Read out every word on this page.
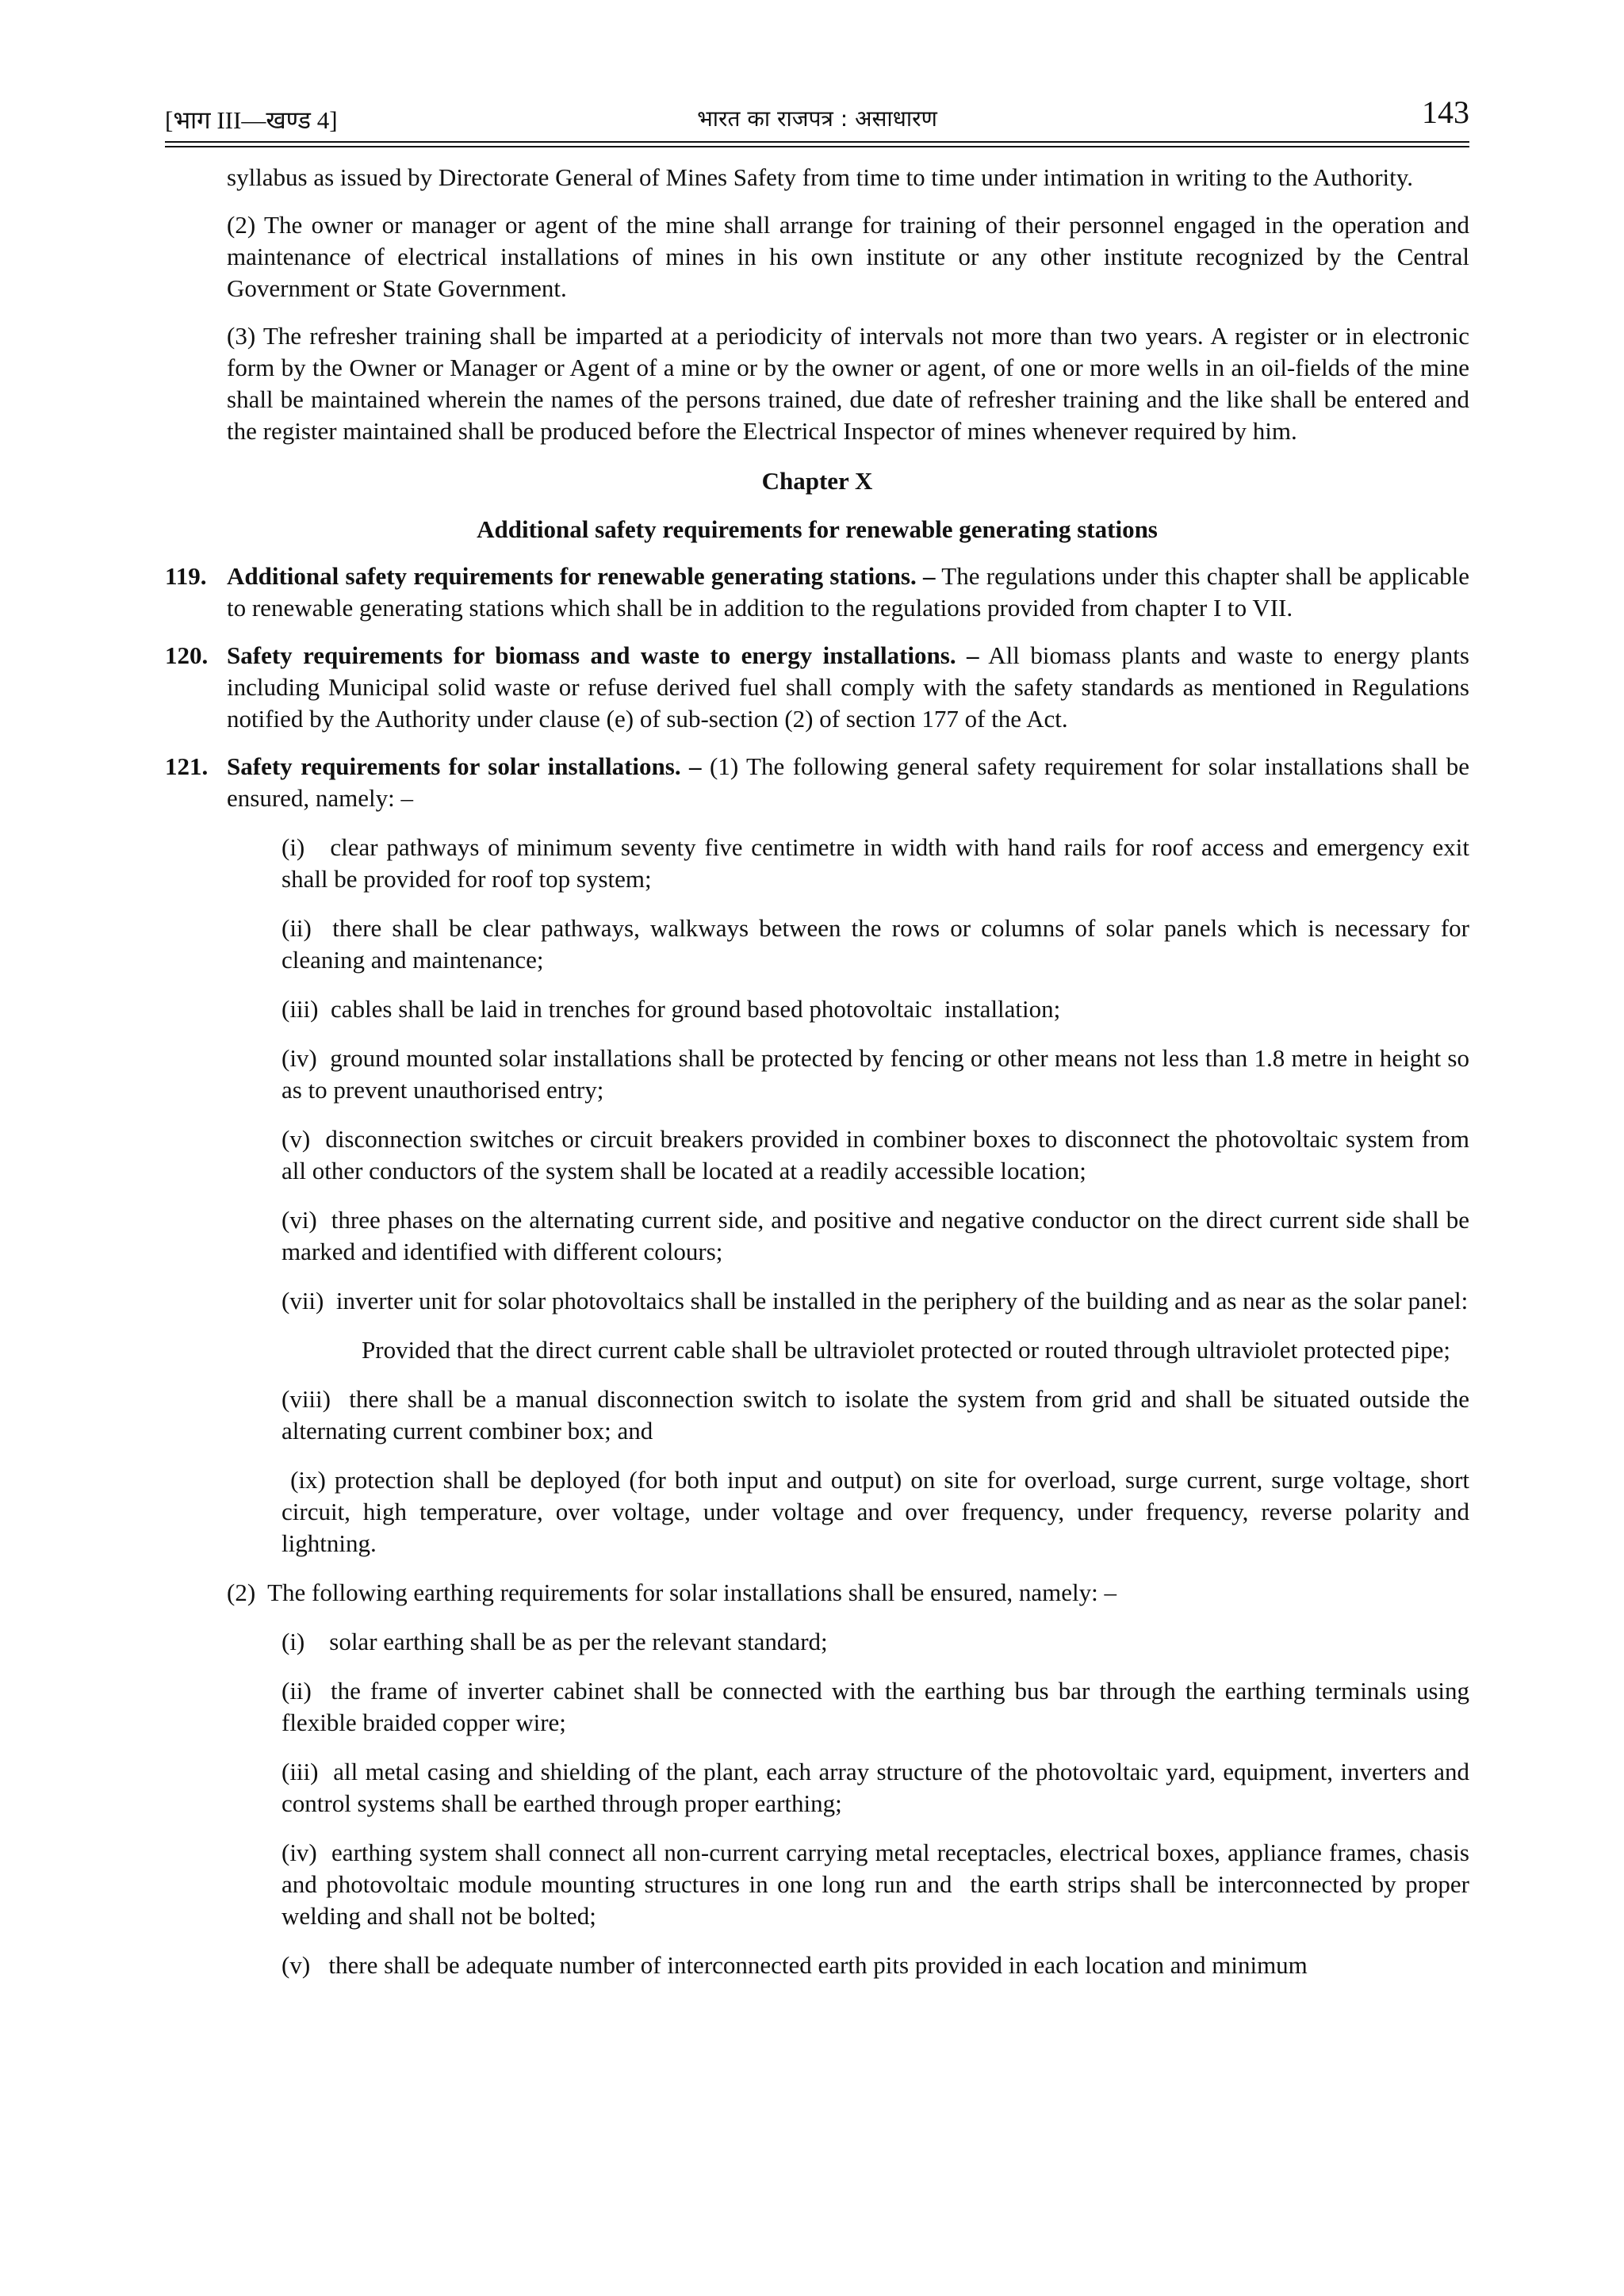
[भाग III—खण्ड 4]	भारत का राजपत्र : असाधारण	143

syllabus as issued by Directorate General of Mines Safety from time to time under intimation in writing to the Authority.

(2) The owner or manager or agent of the mine shall arrange for training of their personnel engaged in the operation and maintenance of electrical installations of mines in his own institute or any other institute recognized by the Central Government or State Government.

(3) The refresher training shall be imparted at a periodicity of intervals not more than two years. A register or in electronic form by the Owner or Manager or Agent of a mine or by the owner or agent, of one or more wells in an oil-fields of the mine shall be maintained wherein the names of the persons trained, due date of refresher training and the like shall be entered and the register maintained shall be produced before the Electrical Inspector of mines whenever required by him.

Chapter X

Additional safety requirements for renewable generating stations

119. Additional safety requirements for renewable generating stations. – The regulations under this chapter shall be applicable to renewable generating stations which shall be in addition to the regulations provided from chapter I to VII.

120. Safety requirements for biomass and waste to energy installations. – All biomass plants and waste to energy plants including Municipal solid waste or refuse derived fuel shall comply with the safety standards as mentioned in Regulations notified by the Authority under clause (e) of sub-section (2) of section 177 of the Act.

121. Safety requirements for solar installations. – (1) The following general safety requirement for solar installations shall be ensured, namely: –

(i)   clear pathways of minimum seventy five centimetre in width with hand rails for roof access and emergency exit shall be provided for roof top system;

(ii)  there shall be clear pathways, walkways between the rows or columns of solar panels which is necessary for cleaning and maintenance;

(iii)  cables shall be laid in trenches for ground based photovoltaic  installation;

(iv)  ground mounted solar installations shall be protected by fencing or other means not less than 1.8 metre in height so as to prevent unauthorised entry;

(v)  disconnection switches or circuit breakers provided in combiner boxes to disconnect the photovoltaic system from all other conductors of the system shall be located at a readily accessible location;

(vi)  three phases on the alternating current side, and positive and negative conductor on the direct current side shall be marked and identified with different colours;

(vii)  inverter unit for solar photovoltaics shall be installed in the periphery of the building and as near as the solar panel:

Provided that the direct current cable shall be ultraviolet protected or routed through ultraviolet protected pipe;

(viii)  there shall be a manual disconnection switch to isolate the system from grid and shall be situated outside the alternating current combiner box; and

(ix) protection shall be deployed (for both input and output) on site for overload, surge current, surge voltage, short circuit, high temperature, over voltage, under voltage and over frequency, under frequency, reverse polarity and lightning.

(2)  The following earthing requirements for solar installations shall be ensured, namely: –

(i)    solar earthing shall be as per the relevant standard;

(ii)  the frame of inverter cabinet shall be connected with the earthing bus bar through the earthing terminals using flexible braided copper wire;

(iii)  all metal casing and shielding of the plant, each array structure of the photovoltaic yard, equipment, inverters and control systems shall be earthed through proper earthing;

(iv)  earthing system shall connect all non-current carrying metal receptacles, electrical boxes, appliance frames, chasis and photovoltaic module mounting structures in one long run and  the earth strips shall be interconnected by proper welding and shall not be bolted;

(v)   there shall be adequate number of interconnected earth pits provided in each location and minimum
